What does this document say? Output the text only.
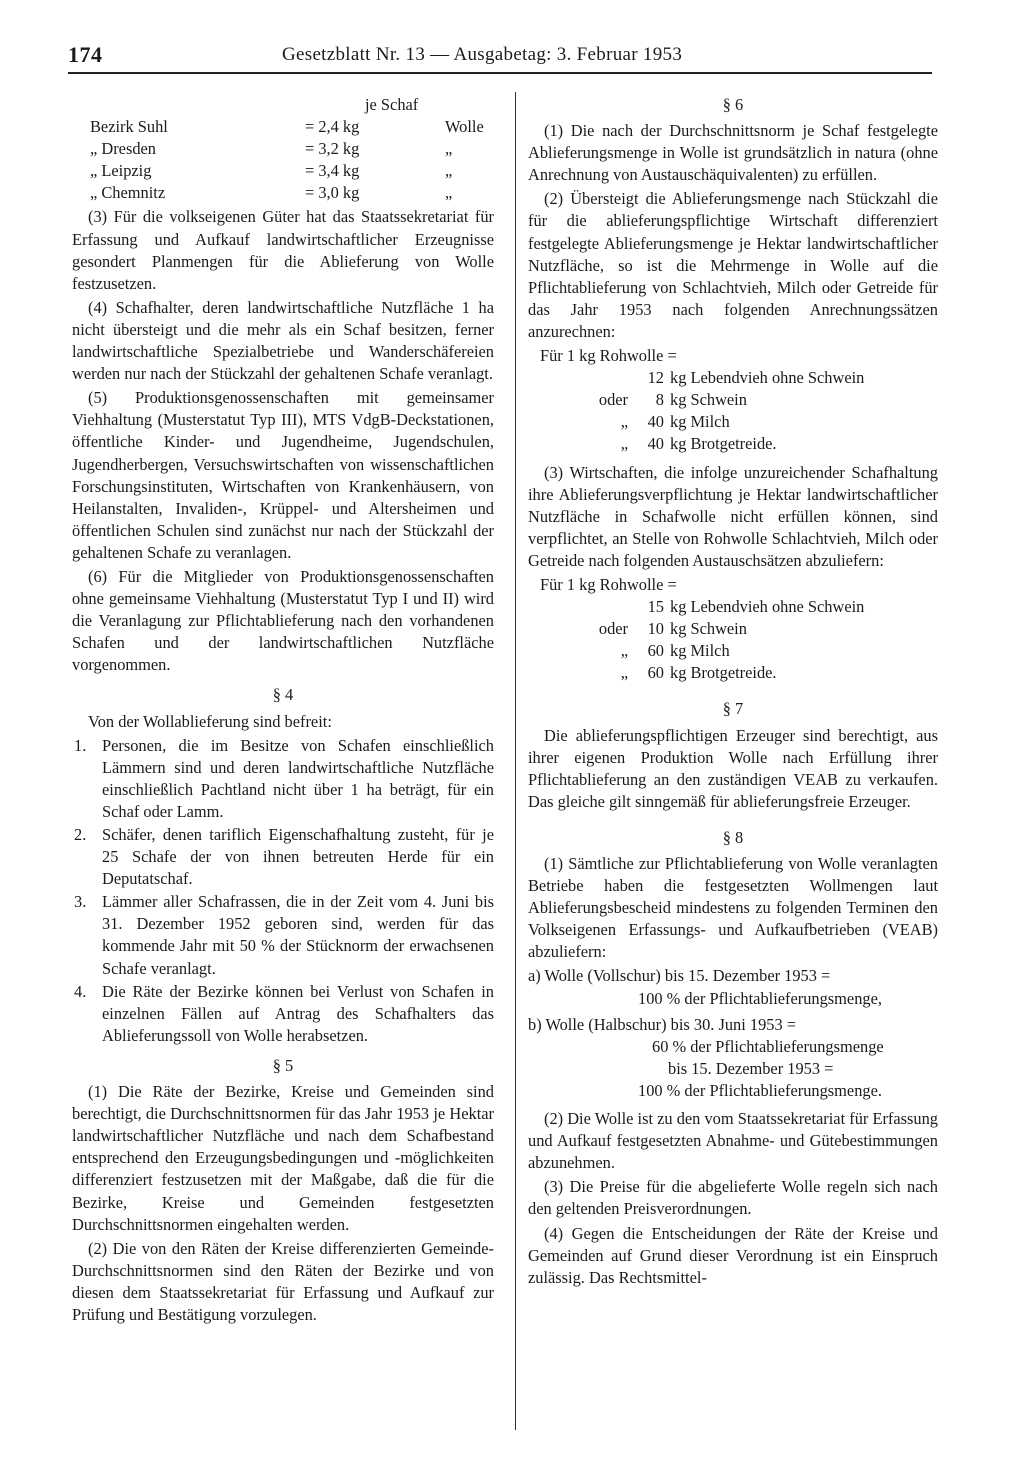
174	Gesetzblatt Nr. 13 — Ausgabetag: 3. Februar 1953
	je Schaf	
Bezirk Suhl	= 2,4 kg	Wolle
„ Dresden	= 3,2 kg	„
„ Leipzig	= 3,4 kg	„
„ Chemnitz	= 3,0 kg	„

(3) Für die volkseigenen Güter hat das Staatssekretariat für Erfassung und Aufkauf landwirtschaftlicher Erzeugnisse gesondert Planmengen für die Ablieferung von Wolle festzusetzen.

(4) Schafhalter, deren landwirtschaftliche Nutzfläche 1 ha nicht übersteigt und die mehr als ein Schaf besitzen, ferner landwirtschaftliche Spezialbetriebe und Wanderschäfereien werden nur nach der Stückzahl der gehaltenen Schafe veranlagt.

(5) Produktionsgenossenschaften mit gemeinsamer Viehhaltung (Musterstatut Typ III), MTS VdgB-Deckstationen, öffentliche Kinder- und Jugendheime, Jugendschulen, Jugendherbergen, Versuchswirtschaften von wissenschaftlichen Forschungsinstituten, Wirtschaften von Krankenhäusern, von Heilanstalten, Invaliden-, Krüppel- und Altersheimen und öffentlichen Schulen sind zunächst nur nach der Stückzahl der gehaltenen Schafe zu veranlagen.

(6) Für die Mitglieder von Produktionsgenossenschaften ohne gemeinsame Viehhaltung (Musterstatut Typ I und II) wird die Veranlagung zur Pflichtablieferung nach den vorhandenen Schafen und der landwirtschaftlichen Nutzfläche vorgenommen.

§ 4

Von der Wollablieferung sind befreit:

1. Personen, die im Besitze von Schafen einschließlich Lämmern sind und deren landwirtschaftliche Nutzfläche einschließlich Pachtland nicht über 1 ha beträgt, für ein Schaf oder Lamm.
2. Schäfer, denen tariflich Eigenschafhaltung zusteht, für je 25 Schafe der von ihnen betreuten Herde für ein Deputatschaf.
3. Lämmer aller Schafrassen, die in der Zeit vom 4. Juni bis 31. Dezember 1952 geboren sind, werden für das kommende Jahr mit 50 % der Stücknorm der erwachsenen Schafe veranlagt.
4. Die Räte der Bezirke können bei Verlust von Schafen in einzelnen Fällen auf Antrag des Schafhalters das Ablieferungssoll von Wolle herabsetzen.

§ 5

(1) Die Räte der Bezirke, Kreise und Gemeinden sind berechtigt, die Durchschnittsnormen für das Jahr 1953 je Hektar landwirtschaftlicher Nutzfläche und nach dem Schafbestand entsprechend den Erzeugungsbedingungen und -möglichkeiten differenziert festzusetzen mit der Maßgabe, daß die für die Bezirke, Kreise und Gemeinden festgesetzten Durchschnittsnormen eingehalten werden.

(2) Die von den Räten der Kreise differenzierten Gemeinde-Durchschnittsnormen sind den Räten der Bezirke und von diesen dem Staatssekretariat für Erfassung und Aufkauf zur Prüfung und Bestätigung vorzulegen.

§ 6

(1) Die nach der Durchschnittsnorm je Schaf festgelegte Ablieferungsmenge in Wolle ist grundsätzlich in natura (ohne Anrechnung von Austauschäquivalenten) zu erfüllen.

(2) Übersteigt die Ablieferungsmenge nach Stückzahl die für die ablieferungspflichtige Wirtschaft differenziert festgelegte Ablieferungsmenge je Hektar landwirtschaftlicher Nutzfläche, so ist die Mehrmenge in Wolle auf die Pflichtablieferung von Schlachtvieh, Milch oder Getreide für das Jahr 1953 nach folgenden Anrechnungssätzen anzurechnen:

Für 1 kg Rohwolle =
12 kg Lebendvieh ohne Schwein
oder	8 kg Schwein
„	40 kg Milch
„	40 kg Brotgetreide.

(3) Wirtschaften, die infolge unzureichender Schafhaltung ihre Ablieferungsverpflichtung je Hektar landwirtschaftlicher Nutzfläche in Schafwolle nicht erfüllen können, sind verpflichtet, an Stelle von Rohwolle Schlachtvieh, Milch oder Getreide nach folgenden Austauschsätzen abzuliefern:

Für 1 kg Rohwolle =
15 kg Lebendvieh ohne Schwein
oder	10 kg Schwein
„	60 kg Milch
„	60 kg Brotgetreide.

§ 7

Die ablieferungspflichtigen Erzeuger sind berechtigt, aus ihrer eigenen Produktion Wolle nach Erfüllung ihrer Pflichtablieferung an den zuständigen VEAB zu verkaufen. Das gleiche gilt sinngemäß für ablieferungsfreie Erzeuger.

§ 8

(1) Sämtliche zur Pflichtablieferung von Wolle veranlagten Betriebe haben die festgesetzten Wollmengen laut Ablieferungsbescheid mindestens zu folgenden Terminen den Volkseigenen Erfassungs- und Aufkaufbetrieben (VEAB) abzuliefern:

a) Wolle (Vollschur) bis 15. Dezember 1953 =
100 % der Pflichtablieferungsmenge,
b) Wolle (Halbschur) bis 30. Juni 1953 =
60 % der Pflichtablieferungsmenge
bis 15. Dezember 1953 =
100 % der Pflichtablieferungsmenge.

(2) Die Wolle ist zu den vom Staatssekretariat für Erfassung und Aufkauf festgesetzten Abnahme- und Gütebestimmungen abzunehmen.

(3) Die Preise für die abgelieferte Wolle regeln sich nach den geltenden Preisverordnungen.

(4) Gegen die Entscheidungen der Räte der Kreise und Gemeinden auf Grund dieser Verordnung ist ein Einspruch zulässig. Das Rechtsmittel-
